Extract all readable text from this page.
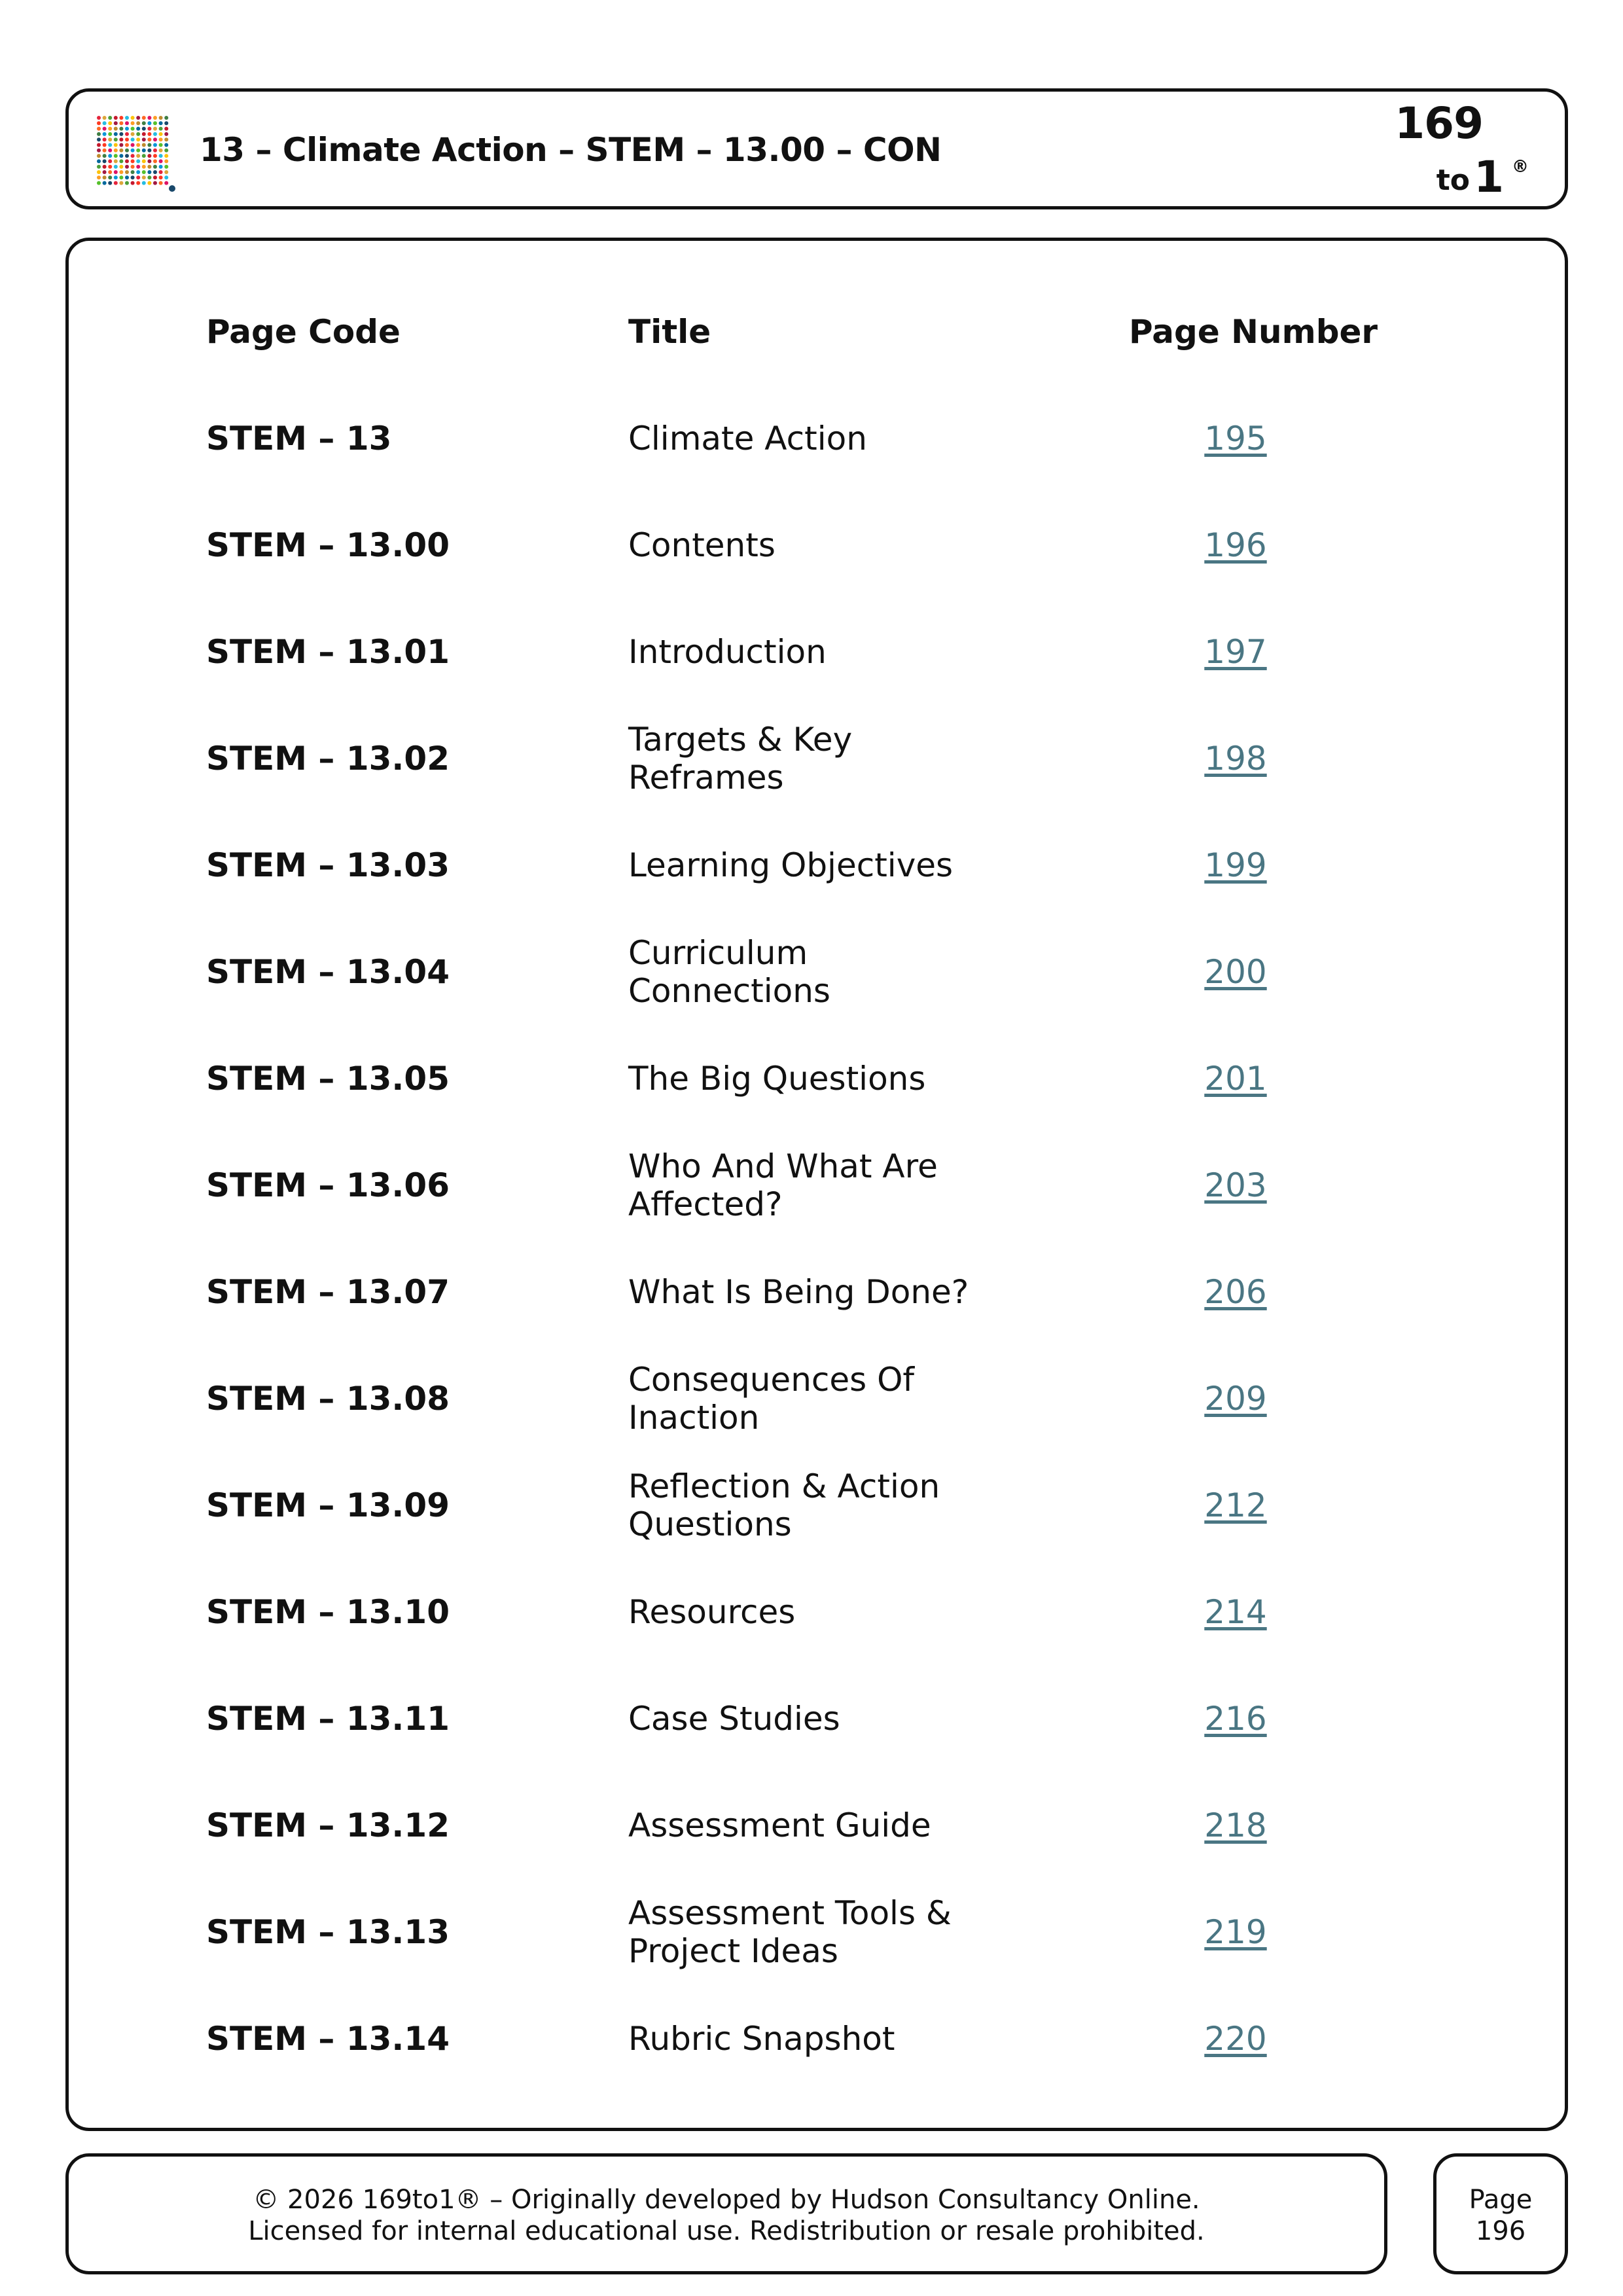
13 – Climate Action – STEM – 13.00 – CON
169
to 1 ®
Page Code	Title	Page Number
STEM – 13	Climate Action	195
STEM – 13.00	Contents	196
STEM – 13.01	Introduction	197
STEM – 13.02	Targets & Key Reframes	198
STEM – 13.03	Learning Objectives	199
STEM – 13.04	Curriculum Connections	200
STEM – 13.05	The Big Questions	201
STEM – 13.06	Who And What Are Affected?	203
STEM – 13.07	What Is Being Done?	206
STEM – 13.08	Consequences Of Inaction	209
STEM – 13.09	Reflection & Action Questions	212
STEM – 13.10	Resources	214
STEM – 13.11	Case Studies	216
STEM – 13.12	Assessment Guide	218
STEM – 13.13	Assessment Tools & Project Ideas	219
STEM – 13.14	Rubric Snapshot	220
© 2026 169to1® – Originally developed by Hudson Consultancy Online.
Licensed for internal educational use. Redistribution or resale prohibited.
Page
196
